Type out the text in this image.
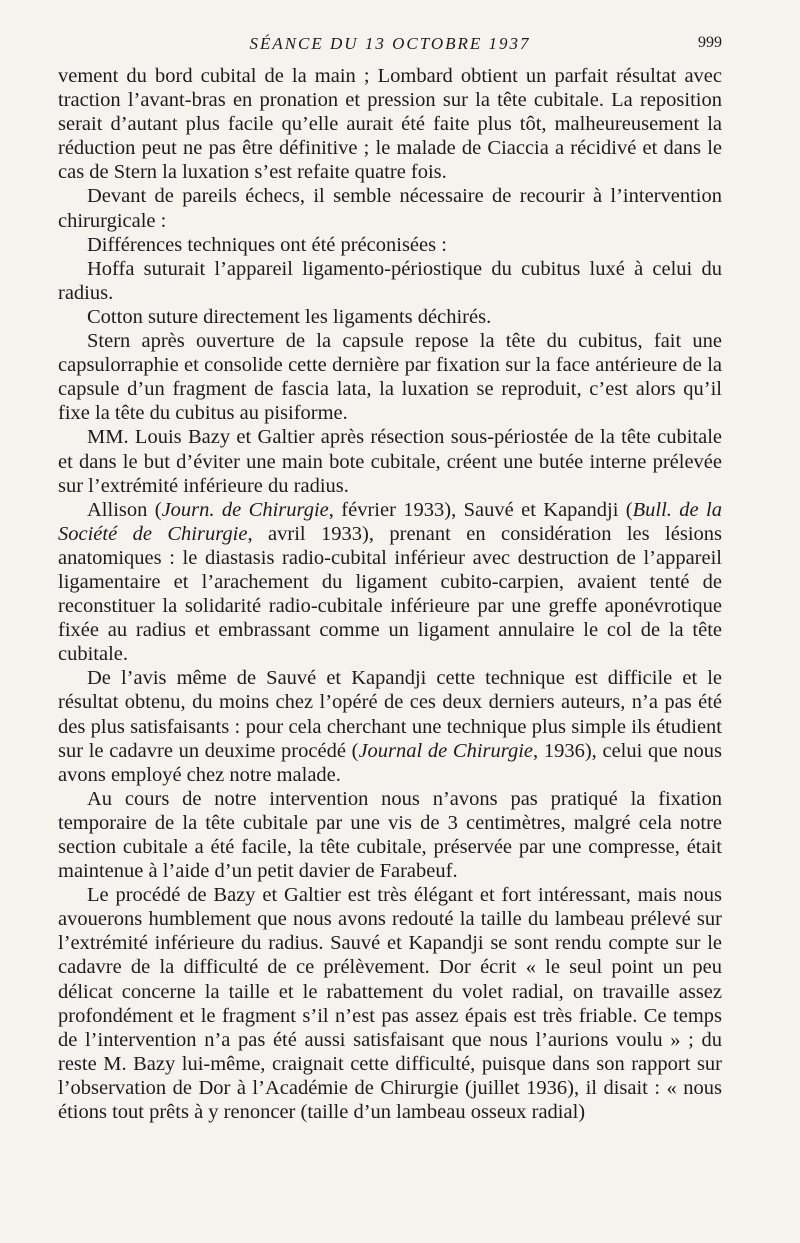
SÉANCE DU 13 OCTOBRE 1937	999

vement du bord cubital de la main ; Lombard obtient un parfait résultat avec traction l’avant-bras en pronation et pression sur la tête cubitale. La reposition serait d’autant plus facile qu’elle aurait été faite plus tôt, malheureusement la réduction peut ne pas être définitive ; le malade de Ciaccia a récidivé et dans le cas de Stern la luxation s’est refaite quatre fois.

Devant de pareils échecs, il semble nécessaire de recourir à l’intervention chirurgicale :

Différences techniques ont été préconisées :

Hoffa suturait l’appareil ligamento-périostique du cubitus luxé à celui du radius.

Cotton suture directement les ligaments déchirés.

Stern après ouverture de la capsule repose la tête du cubitus, fait une capsulorraphie et consolide cette dernière par fixation sur la face antérieure de la capsule d’un fragment de fascia lata, la luxation se reproduit, c’est alors qu’il fixe la tête du cubitus au pisiforme.

MM. Louis Bazy et Galtier après résection sous-périostée de la tête cubitale et dans le but d’éviter une main bote cubitale, créent une butée interne prélevée sur l’extrémité inférieure du radius.

Allison (Journ. de Chirurgie, février 1933), Sauvé et Kapandji (Bull. de la Société de Chirurgie, avril 1933), prenant en considération les lésions anatomiques : le diastasis radio-cubital inférieur avec destruction de l’appareil ligamentaire et l’arachement du ligament cubito-carpien, avaient tenté de reconstituer la solidarité radio-cubitale inférieure par une greffe aponévrotique fixée au radius et embrassant comme un ligament annulaire le col de la tête cubitale.

De l’avis même de Sauvé et Kapandji cette technique est difficile et le résultat obtenu, du moins chez l’opéré de ces deux derniers auteurs, n’a pas été des plus satisfaisants : pour cela cherchant une technique plus simple ils étudient sur le cadavre un deuxime procédé (Journal de Chirurgie, 1936), celui que nous avons employé chez notre malade.

Au cours de notre intervention nous n’avons pas pratiqué la fixation temporaire de la tête cubitale par une vis de 3 centimètres, malgré cela notre section cubitale a été facile, la tête cubitale, préservée par une compresse, était maintenue à l’aide d’un petit davier de Farabeuf.

Le procédé de Bazy et Galtier est très élégant et fort intéressant, mais nous avouerons humblement que nous avons redouté la taille du lambeau prélevé sur l’extrémité inférieure du radius. Sauvé et Kapandji se sont rendu compte sur le cadavre de la difficulté de ce prélèvement. Dor écrit « le seul point un peu délicat concerne la taille et le rabattement du volet radial, on travaille assez profondément et le fragment s’il n’est pas assez épais est très friable. Ce temps de l’intervention n’a pas été aussi satisfaisant que nous l’aurions voulu » ; du reste M. Bazy lui-même, craignait cette difficulté, puisque dans son rapport sur l’observation de Dor à l’Académie de Chirurgie (juillet 1936), il disait : « nous étions tout prêts à y renoncer (taille d’un lambeau osseux radial)
